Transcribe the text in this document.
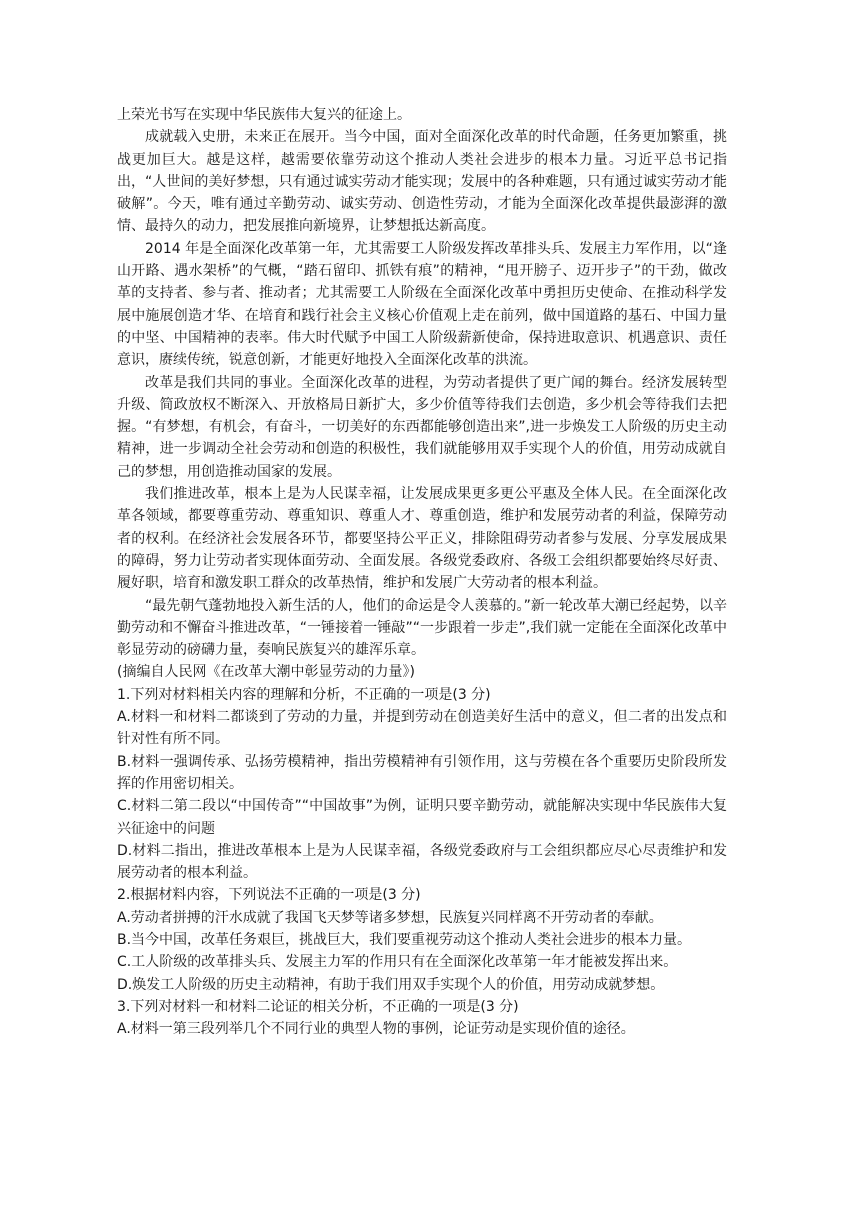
上荣光书写在实现中华民族伟大复兴的征途上。

成就载入史册，未来正在展开。当今中国，面对全面深化改革的时代命题，任务更加繁重，挑战更加巨大。越是这样，越需要依靠劳动这个推动人类社会进步的根本力量。习近平总书记指出，“人世间的美好梦想，只有通过诚实劳动才能实现；发展中的各种难题，只有通过诚实劳动才能破解”。今天，唯有通过辛勤劳动、诚实劳动、创造性劳动，才能为全面深化改革提供最澎湃的激情、最持久的动力，把发展推向新境界，让梦想抵达新高度。

2014 年是全面深化改革第一年，尤其需要工人阶级发挥改革排头兵、发展主力军作用，以“逢山开路、遇水架桥”的气概，“踏石留印、抓铁有痕”的精神，“甩开膀子、迈开步子”的干劲，做改革的支持者、参与者、推动者；尤其需要工人阶级在全面深化改革中勇担历史使命、在推动科学发展中施展创造才华、在培育和践行社会主义核心价值观上走在前列，做中国道路的基石、中国力量的中坚、中国精神的表率。伟大时代赋予中国工人阶级薪新使命，保持进取意识、机遇意识、责任意识，赓续传统，锐意创新，才能更好地投入全面深化改革的洪流。

改革是我们共同的事业。全面深化改革的进程，为劳动者提供了更广闻的舞台。经济发展转型升级、简政放权不断深入、开放格局日新扩大，多少价值等待我们去创造，多少机会等待我们去把握。“有梦想，有机会，有奋斗，一切美好的东西都能够创造出来”,进一步焕发工人阶级的历史主动精神，进一步调动全社会劳动和创造的积极性，我们就能够用双手实现个人的价值，用劳动成就自己的梦想，用创造推动国家的发展。

我们推进改革，根本上是为人民谋幸福，让发展成果更多更公平惠及全体人民。在全面深化改革各领域，都要尊重劳动、尊重知识、尊重人才、尊重创造，维护和发展劳动者的利益，保障劳动者的权利。在经济社会发展各环节，都要坚持公平正义，排除阻碍劳动者参与发展、分享发展成果的障碍，努力让劳动者实现体面劳动、全面发展。各级党委政府、各级工会组织都要始终尽好责、履好职，培育和激发职工群众的改革热情，维护和发展广大劳动者的根本利益。

“最先朝气蓬勃地投入新生活的人，他们的命运是令人羡慕的。”新一轮改革大潮已经起势，以辛勤劳动和不懈奋斗推进改革，“一锤接着一锤敲”“一步跟着一步走”,我们就一定能在全面深化改革中彰显劳动的磅礴力量，奏响民族复兴的雄浑乐章。

(摘编自人民网《在改革大潮中彰显劳动的力量》)

1.下列对材料相关内容的理解和分析，不正确的一项是(3 分)

A.材料一和材料二都谈到了劳动的力量，并提到劳动在创造美好生活中的意义，但二者的出发点和针对性有所不同。

B.材料一强调传承、弘扬劳模精神，指出劳模精神有引领作用，这与劳模在各个重要历史阶段所发挥的作用密切相关。

C.材料二第二段以“中国传奇”“中国故事”为例，证明只要辛勤劳动，就能解决实现中华民族伟大复兴征途中的问题

D.材料二指出，推进改革根本上是为人民谋幸福，各级党委政府与工会组织都应尽心尽责维护和发展劳动者的根本利益。

2.根据材料内容，下列说法不正确的一项是(3 分)

A.劳动者拼搏的汗水成就了我国飞天梦等诸多梦想，民族复兴同样离不开劳动者的奉献。

B.当今中国，改革任务艰巨，挑战巨大，我们要重视劳动这个推动人类社会进步的根本力量。

C.工人阶级的改革排头兵、发展主力军的作用只有在全面深化改革第一年才能被发挥出来。

D.焕发工人阶级的历史主动精神，有助于我们用双手实现个人的价值，用劳动成就梦想。

3.下列对材料一和材料二论证的相关分析，不正确的一项是(3 分)

A.材料一第三段列举几个不同行业的典型人物的事例，论证劳动是实现价值的途径。
